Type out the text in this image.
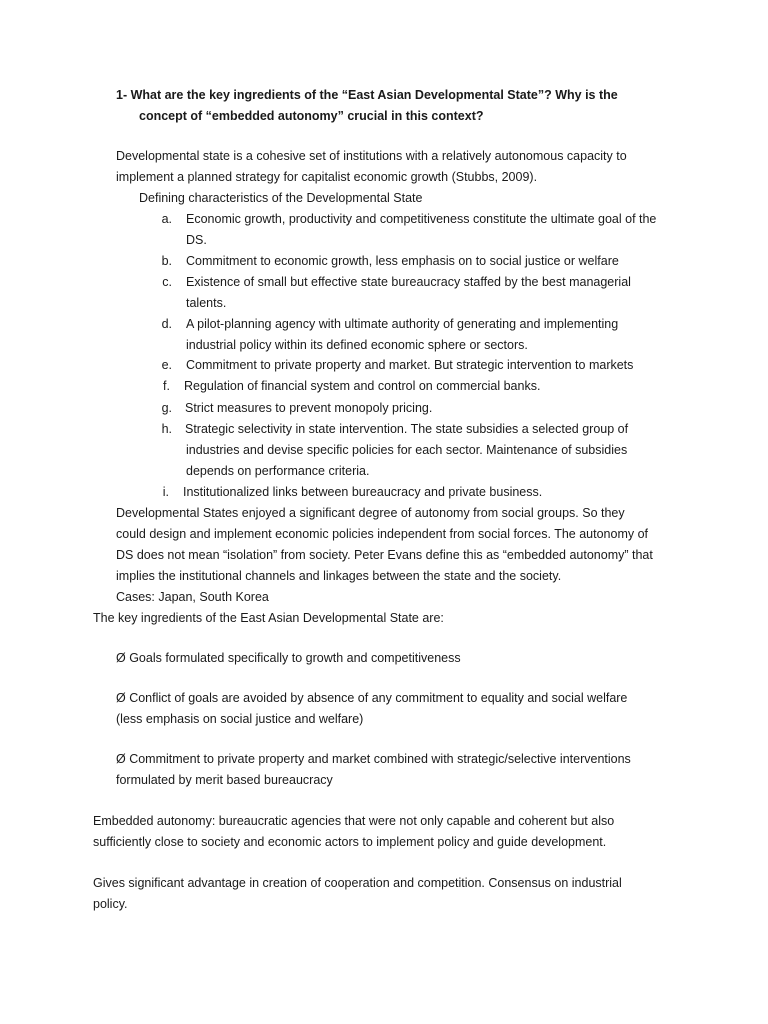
1- What are the key ingredients of the “East Asian Developmental State”? Why is the
concept of “embedded autonomy” crucial in this context?
Developmental state is a cohesive set of institutions with a relatively autonomous capacity to
implement a planned strategy for capitalist economic growth (Stubbs, 2009).
Defining characteristics of the Developmental State
a. Economic growth, productivity and competitiveness constitute the ultimate goal of the
DS.
b. Commitment to economic growth, less emphasis on to social justice or welfare
c. Existence of small but effective state bureaucracy staffed by the best managerial
talents.
d. A pilot-planning agency with ultimate authority of generating and implementing
industrial policy within its defined economic sphere or sectors.
e. Commitment to private property and market. But strategic intervention to markets
f. Regulation of financial system and control on commercial banks.
g. Strict measures to prevent monopoly pricing.
h. Strategic selectivity in state intervention. The state subsidies a selected group of
industries and devise specific policies for each sector. Maintenance of subsidies
depends on performance criteria.
i. Institutionalized links between bureaucracy and private business.
Developmental States enjoyed a significant degree of autonomy from social groups. So they
could design and implement economic policies independent from social forces. The autonomy of
DS does not mean “isolation” from society. Peter Evans define this as “embedded autonomy” that
implies the institutional channels and linkages between the state and the society.
Cases: Japan, South Korea
The key ingredients of the East Asian Developmental State are:
Ø Goals formulated specifically to growth and competitiveness
Ø Conflict of goals are avoided by absence of any commitment to equality and social welfare
(less emphasis on social justice and welfare)
Ø Commitment to private property and market combined with strategic/selective interventions
formulated by merit based bureaucracy
Embedded autonomy: bureaucratic agencies that were not only capable and coherent but also
sufficiently close to society and economic actors to implement policy and guide development.
Gives significant advantage in creation of cooperation and competition. Consensus on industrial
policy.
